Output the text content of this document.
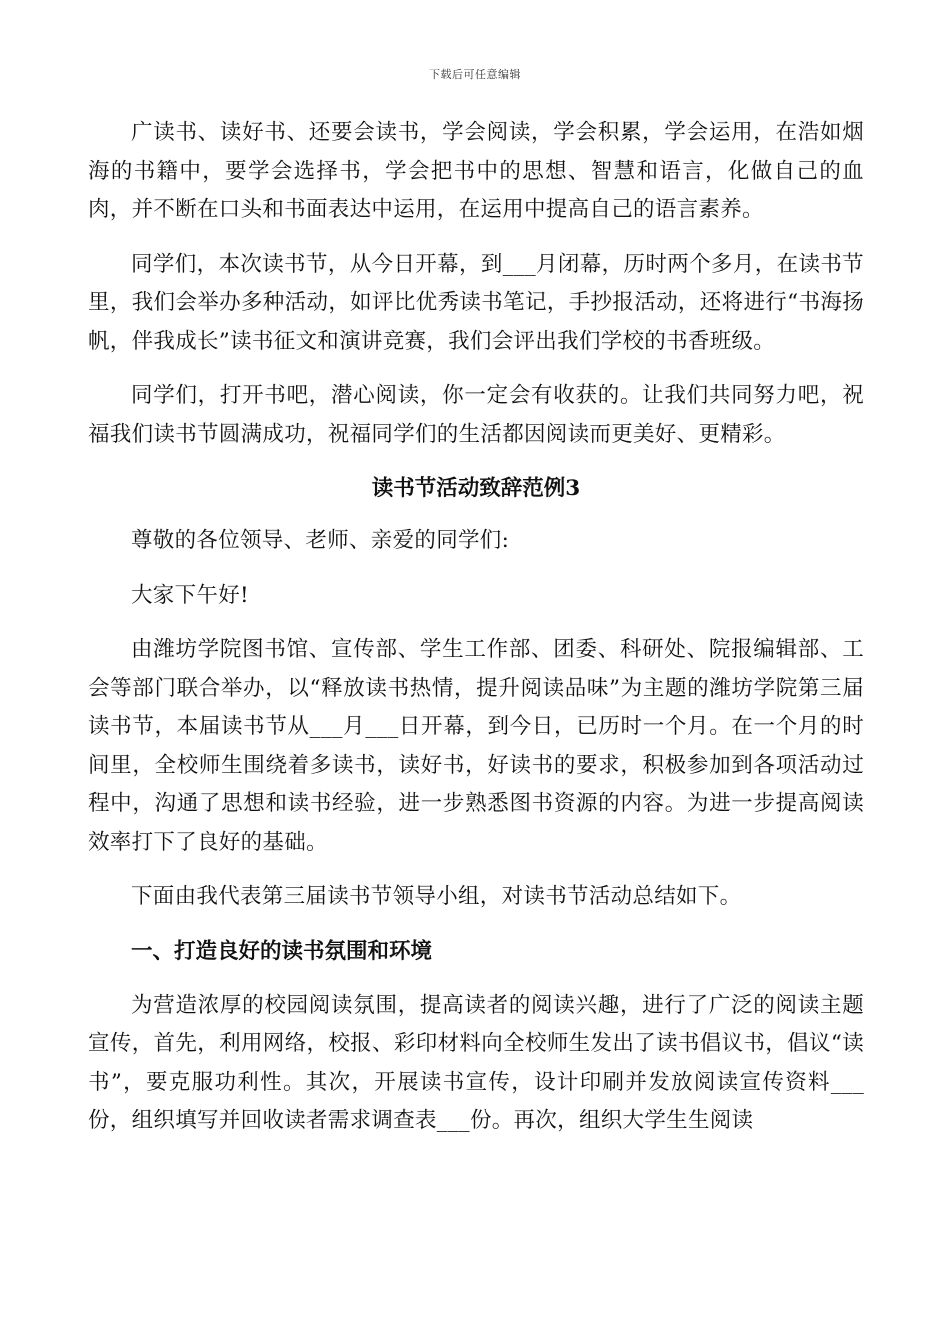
下载后可任意编辑

广读书、读好书、还要会读书，学会阅读，学会积累，学会运用，在浩如烟海的书籍中，要学会选择书，学会把书中的思想、智慧和语言，化做自己的血肉，并不断在口头和书面表达中运用，在运用中提高自己的语言素养。

同学们，本次读书节，从今日开幕，到___月闭幕，历时两个多月，在读书节里，我们会举办多种活动，如评比优秀读书笔记，手抄报活动，还将进行“书海扬帆，伴我成长”读书征文和演讲竞赛，我们会评出我们学校的书香班级。

同学们，打开书吧，潜心阅读，你一定会有收获的。让我们共同努力吧，祝福我们读书节圆满成功，祝福同学们的生活都因阅读而更美好、更精彩。

读书节活动致辞范例3

尊敬的各位领导、老师、亲爱的同学们:

大家下午好!

由潍坊学院图书馆、宣传部、学生工作部、团委、科研处、院报编辑部、工会等部门联合举办，以“释放读书热情，提升阅读品味”为主题的潍坊学院第三届读书节，本届读书节从___月___日开幕，到今日，已历时一个月。在一个月的时间里，全校师生围绕着多读书，读好书，好读书的要求，积极参加到各项活动过程中，沟通了思想和读书经验，进一步熟悉图书资源的内容。为进一步提高阅读效率打下了良好的基础。

下面由我代表第三届读书节领导小组，对读书节活动总结如下。

一、打造良好的读书氛围和环境

为营造浓厚的校园阅读氛围，提高读者的阅读兴趣，进行了广泛的阅读主题宣传，首先，利用网络，校报、彩印材料向全校师生发出了读书倡议书，倡议“读书”，要克服功利性。其次，开展读书宣传，设计印刷并发放阅读宣传资料___份，组织填写并回收读者需求调查表___份。再次，组织大学生生阅读
